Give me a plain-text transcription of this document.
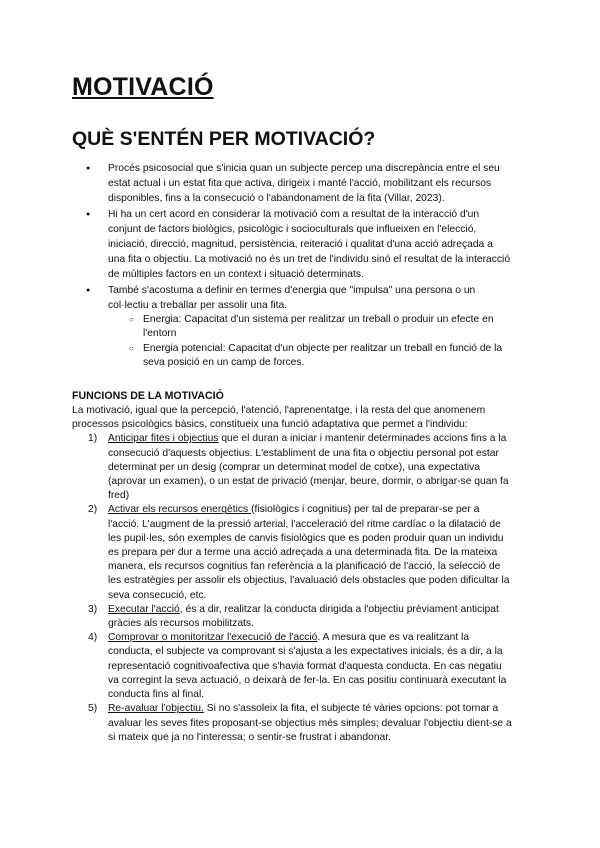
MOTIVACIÓ
QUÈ S'ENTÉN PER MOTIVACIÓ?
● Procés psicosocial que s'inicia quan un subjecte percep una discrepància entre el seu estat actual i un estat fita que activa, dirigeix i manté l'acció, mobilitzant els recursos disponibles, fins a la consecució o l'abandonament de la fita (Villar, 2023).
● Hi ha un cert acord en considerar la motivació com a resultat de la interacció d'un conjunt de factors biològics, psicològic i socioculturals que influeixen en l'elecció, iniciació, direcció, magnitud, persistència, reiteració i qualitat d'una acció adreçada a una fita o objectiu. La motivació no és un tret de l'individu sinó el resultat de la interacció de múltiples factors en un context i situació determinats.
● També s'acostuma a definir en termes d'energia que "impulsa" una persona o un col·lectiu a treballar per assolir una fita.
○ Energia: Capacitat d'un sistema per realitzar un treball o produir un efecte en l'entorn
○ Energia potencial: Capacitat d'un objecte per realitzar un treball en funció de la seva posició en un camp de forces.
FUNCIONS DE LA MOTIVACIÓ

La motivació, igual que la percepció, l'atenció, l'aprenentatge, i la resta del que anomenem processos psicològics bàsics, constitueix una funció adaptativa que permet a l'individu:

1) Anticipar fites i objectius que el duran a iniciar i mantenir determinades accions fins a la consecució d'aquests objectius. L'establiment de una fita o objectiu personal pot estar determinat per un desig (comprar un determinat model de cotxe), una expectativa (aprovar un examen), o un estat de privació (menjar, beure, dormir, o abrigar-se quan fa fred)
2) Activar els recursos energètics (fisiològics i cognitius) per tal de preparar-se per a l'acció. L'augment de la pressió arterial, l'acceleració del ritme cardíac o la dilatació de les pupil·les, són exemples de canvis fisiològics que es poden produir quan un individu es prepara per dur a terme una acció adreçada a una determinada fita. De la mateixa manera, els recursos cognitius fan referència a la planificació de l'acció, la selecció de les estratègies per assolir els objectius, l'avaluació dels obstacles que poden dificultar la seva consecució, etc.
3) Executar l'acció, és a dir, realitzar la conducta dirigida a l'objectiu prèviament anticipat gràcies als recursos mobilitzats.
4) Comprovar o monitoritzar l'execució de l'acció. A mesura que es va realitzant la conducta, el subjecte va comprovant si s'ajusta a les expectatives inicials, és a dir, a la representació cognitivoafectiva que s'havia format d'aquesta conducta. En cas negatiu va corregint la seva actuació, o deixarà de fer-la. En cas positiu continuarà executant la conducta fins al final.
5) Re-avaluar l'objectiu. Si no s'assoleix la fita, el subjecte té vàries opcions: pot tornar a avaluar les seves fites proposant-se objectius més simples; devaluar l'objectiu dient-se a si mateix que ja no l'interessa; o sentir-se frustrat i abandonar.
